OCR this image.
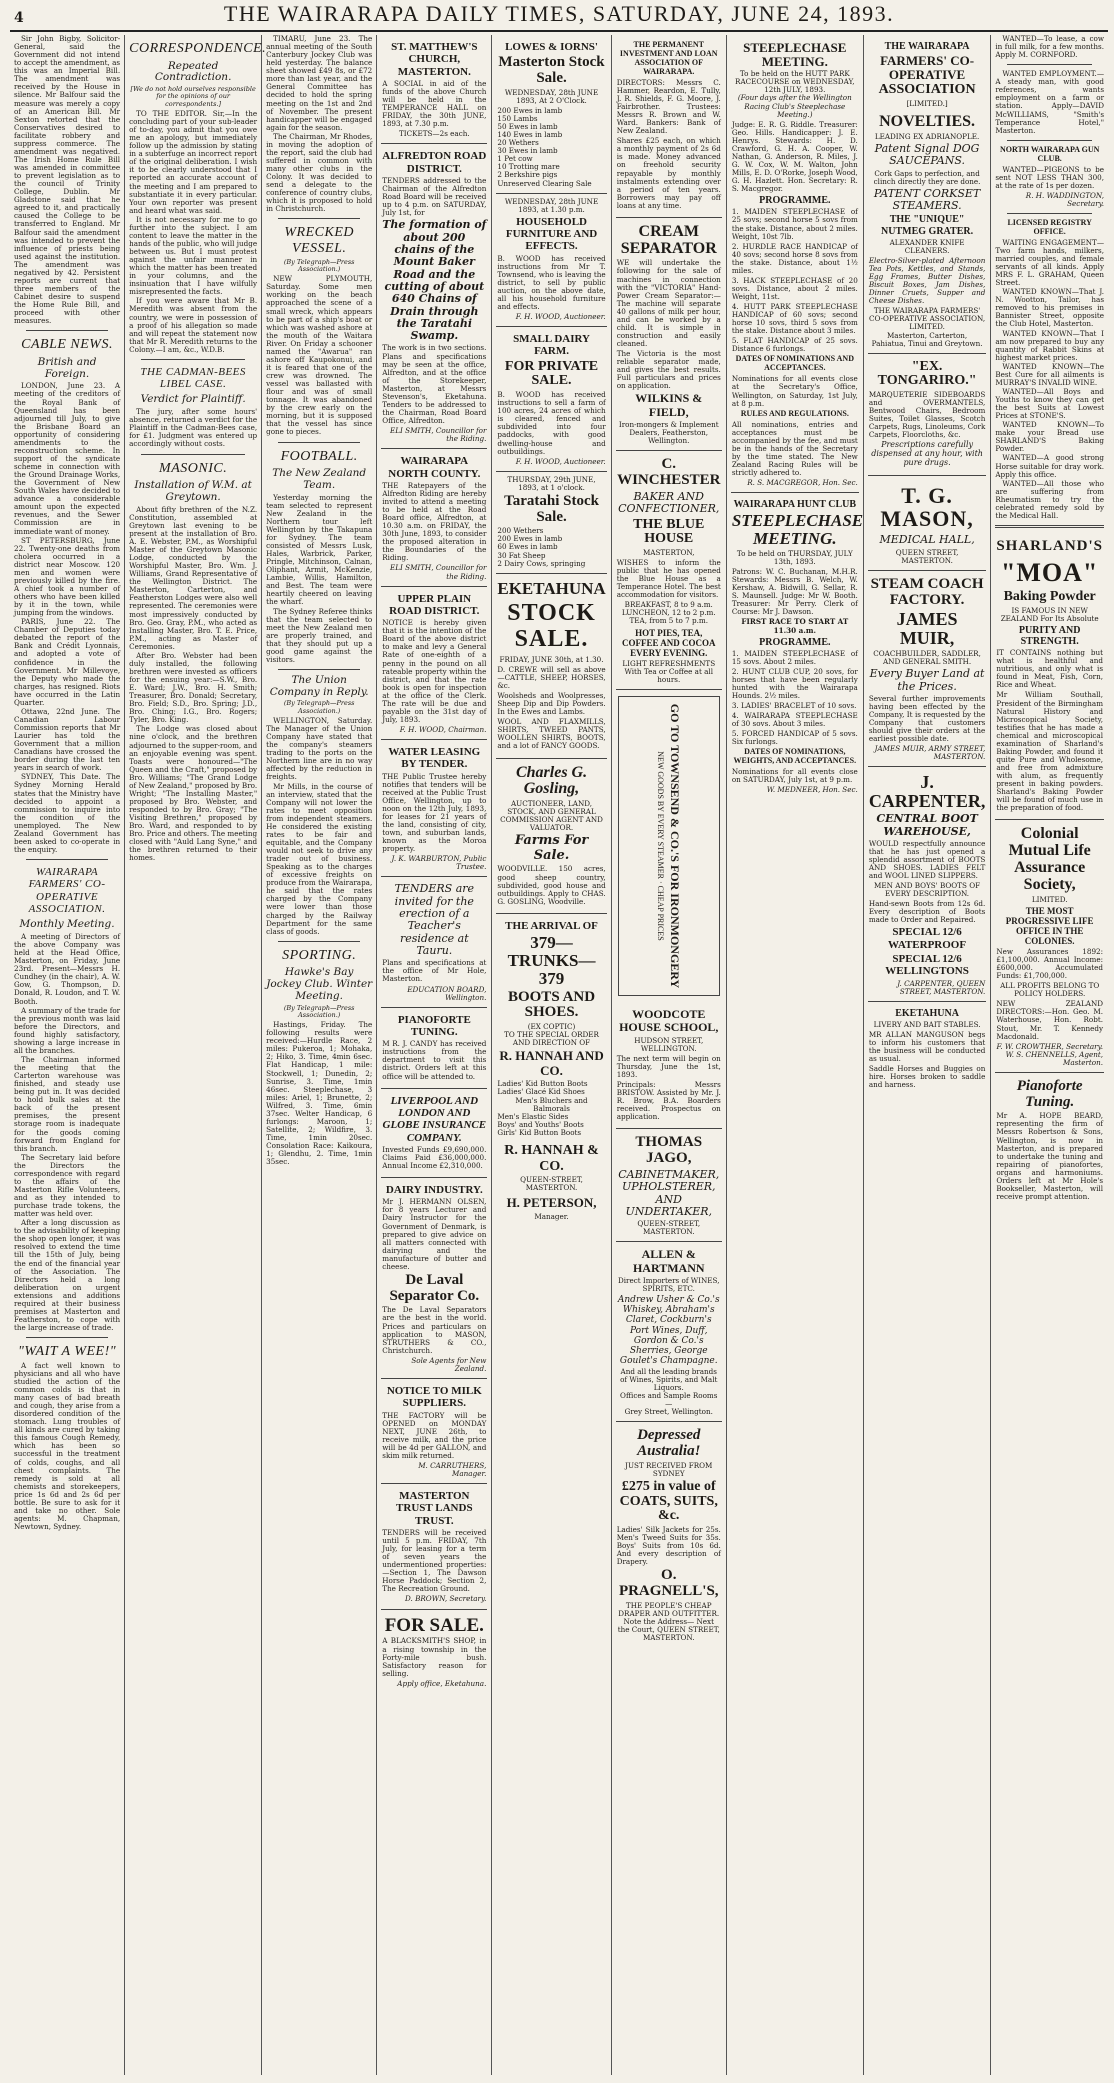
4	THE WAIRARAPA DAILY TIMES, SATURDAY, JUNE 24, 1893.

Sir John Bigby, Solicitor-General, said the Government did not intend to accept the amendment, as this was an Imperial Bill. The amendment was received by the House in silence. Mr Balfour said the measure was merely a copy of an American Bill. Mr Sexton retorted that the Conservatives desired to facilitate robbery and suppress commerce. The amendment was negatived. The Irish Home Rule Bill was amended in committee to prevent legislation as to the council of Trinity College, Dublin. Mr Gladstone said that he agreed to it, and practically caused the College to be transferred to England. Mr Balfour said the amendment was intended to prevent the influence of priests being used against the institution. The amendment was negatived by 42. Persistent reports are current that three members of the Cabinet desire to suspend the Home Rule Bill, and proceed with other measures.

CABLE NEWS.
British and Foreign.

LONDON, June 23. A meeting of the creditors of the Royal Bank of Queensland has been adjourned till July, to give the Brisbane Board an opportunity of considering amendments to the reconstruction scheme. In support of the syndicate scheme in connection with the Ground Drainage Works, the Government of New South Wales have decided to advance a considerable amount upon the expected revenues, and the Sewer Commission are in immediate want of money.

ST PETERSBURG, June 22. Twenty-one deaths from cholera occurred in a district near Moscow. 120 men and women were previously killed by the fire. A chief took a number of others who have been killed by it in the town, while jumping from the windows.

PARIS, June 22. The Chamber of Deputies today debated the report of the Bank and Crédit Lyonnais, and adopted a vote of confidence in the Government. Mr Millevoye, the Deputy who made the charges, has resigned. Riots have occurred in the Latin Quarter.

Ottawa, 22nd June. The Canadian Labour Commission reports that Mr Laurier has told the Government that a million Canadians have crossed the border during the last ten years in search of work.

SYDNEY, This Date. The Sydney Morning Herald states that the Ministry have decided to appoint a commission to inquire into the condition of the unemployed. The New Zealand Government has been asked to co-operate in the enquiry.

WAIRARAPA FARMERS' CO-OPERATIVE ASSOCIATION.
Monthly Meeting.

A meeting of Directors of the above Company was held at the Head Office, Masterton, on Friday, June 23rd. Present—Messrs H. Cundhey (in the chair), A. W. Gow, G. Thompson, D. Donald, R. Loudon, and T. W. Booth.

A summary of the trade for the previous month was laid before the Directors, and found highly satisfactory, showing a large increase in all the branches.

The Chairman informed the meeting that the Carterton warehouse was finished, and steady use being put in. It was decided to hold bulk sales at the back of the present premises, the present storage room is inadequate for the goods coming forward from England for this branch.

The Secretary laid before the Directors the correspondence with regard to the affairs of the Masterton Rifle Volunteers, and as they intended to purchase trade tokens, the matter was held over.

After a long discussion as to the advisability of keeping the shop open longer, it was resolved to extend the time till the 15th of July, being the end of the financial year of the Association. The Directors held a long deliberation on urgent extensions and additions required at their business premises at Masterton and Featherston, to cope with the large increase of trade.

"WAIT A WEE!"

A fact well known to physicians and all who have studied the action of the common colds is that in many cases of bad breath and cough, they arise from a disordered condition of the stomach. Lung troubles of all kinds are cured by taking this famous Cough Remedy, which has been so successful in the treatment of colds, coughs, and all chest complaints. The remedy is sold at all chemists and storekeepers, price 1s 6d and 2s 6d per bottle. Be sure to ask for it and take no other. Sole agents: M. Chapman, Newtown, Sydney.

CORRESPONDENCE.
Repeated Contradiction.
[We do not hold ourselves responsible for the opinions of our correspondents.]

TO THE EDITOR. Sir,—In the concluding part of your sub-leader of to-day, you admit that you owe me an apology, but immediately follow up the admission by stating in a subterfuge an incorrect report of the original deliberation. I wish it to be clearly understood that I reported an accurate account of the meeting and I am prepared to substantiate it in every particular. Your own reporter was present and heard what was said.

It is not necessary for me to go further into the subject. I am content to leave the matter in the hands of the public, who will judge between us. But I must protest against the unfair manner in which the matter has been treated in your columns, and the insinuation that I have wilfully misrepresented the facts.

If you were aware that Mr B. Meredith was absent from the country, we were in possession of a proof of his allegation so made and will repeat the statement now that Mr R. Meredith returns to the Colony.—I am, &c., W.D.B.

THE CADMAN-BEES LIBEL CASE.
Verdict for Plaintiff.

The jury, after some hours' absence, returned a verdict for the Plaintiff in the Cadman-Bees case, for £1. Judgment was entered up accordingly without costs.

MASONIC.
Installation of W.M. at Greytown.

About fifty brethren of the N.Z. Constitution, assembled at Greytown last evening to be present at the installation of Bro. A. E. Webster, P.M., as Worshipful Master of the Greytown Masonic Lodge, conducted by the Worshipful Master, Bro. Wm. J. Williams, Grand Representative of the Wellington District. The Masterton, Carterton, and Featherston Lodges were also well represented. The ceremonies were most impressively conducted by Bro. Geo. Gray, P.M., who acted as Installing Master, Bro. T. E. Price, P.M., acting as Master of Ceremonies.

After Bro. Webster had been duly installed, the following brethren were invested as officers for the ensuing year:—S.W., Bro. E. Ward; J.W., Bro. H. Smith; Treasurer, Bro. Donald; Secretary, Bro. Field; S.D., Bro. Spring; J.D., Bro. Ching; I.G., Bro. Rogers; Tyler, Bro. King.

The Lodge was closed about nine o'clock, and the brethren adjourned to the supper-room, and an enjoyable evening was spent. Toasts were honoured—"The Queen and the Craft," proposed by Bro. Williams; "The Grand Lodge of New Zealand," proposed by Bro. Wright; "The Installing Master," proposed by Bro. Webster, and responded to by Bro. Gray; "The Visiting Brethren," proposed by Bro. Ward, and responded to by Bro. Price and others. The meeting closed with "Auld Lang Syne," and the brethren returned to their homes.

TIMARU, June 23. The annual meeting of the South Canterbury Jockey Club was held yesterday. The balance sheet showed £49 8s, or £72 more than last year, and the General Committee has decided to hold the spring meeting on the 1st and 2nd of November. The present handicapper will be engaged again for the season.

The Chairman, Mr Rhodes, in moving the adoption of the report, said the club had suffered in common with many other clubs in the Colony. It was decided to send a delegate to the conference of country clubs, which it is proposed to hold in Christchurch.

WRECKED VESSEL.
(By Telegraph—Press Association.)

NEW PLYMOUTH, Saturday. Some men working on the beach approached the scene of a small wreck, which appears to be part of a ship's boat or which was washed ashore at the mouth of the Waitara River. On Friday a schooner named the "Awarua" ran ashore off Kaupokonui, and it is feared that one of the crew was drowned. The vessel was ballasted with flour and was of small tonnage. It was abandoned by the crew early on the morning, but it is supposed that the vessel has since gone to pieces.

FOOTBALL.
The New Zealand Team.

Yesterday morning the team selected to represent New Zealand in the Northern tour left Wellington by the Takapuna for Sydney. The team consisted of Messrs Lusk, Hales, Warbrick, Parker, Pringle, Mitchinson, Calnan, Oliphant, Armit, McKenzie, Lambie, Willis, Hamilton, and Best. The team were heartily cheered on leaving the wharf.

The Sydney Referee thinks that the team selected to meet the New Zealand men are properly trained, and that they should put up a good game against the visitors.

The Union Company in Reply.
(By Telegraph—Press Association.)

WELLINGTON, Saturday. The Manager of the Union Company have stated that the company's steamers trading to the ports on the Northern line are in no way affected by the reduction in freights.

Mr Mills, in the course of an interview, stated that the Company will not lower the rates to meet opposition from independent steamers. He considered the existing rates to be fair and equitable, and the Company would not seek to drive any trader out of business. Speaking as to the charges of excessive freights on produce from the Wairarapa, he said that the rates charged by the Company were lower than those charged by the Railway Department for the same class of goods.

SPORTING.
Hawke's Bay Jockey Club. Winter Meeting.
(By Telegraph—Press Association.)

Hastings, Friday. The following results were received:—Hurdle Race, 2 miles: Pukeroa, 1; Mohaka, 2; Hiko, 3. Time, 4min 6sec. Flat Handicap, 1 mile: Stockwell, 1; Dunedin, 2; Sunrise, 3. Time, 1min 46sec. Steeplechase, 3 miles: Ariel, 1; Brunette, 2; Wilfred, 3. Time, 6min 37sec. Welter Handicap, 6 furlongs: Maroon, 1; Satellite, 2; Wildfire, 3. Time, 1min 20sec. Consolation Race: Kaikoura, 1; Glendhu, 2. Time, 1min 35sec.

ST. MATTHEW'S CHURCH, MASTERTON.
A SOCIAL in aid of the funds of the above Church will be held in the TEMPERANCE HALL on FRIDAY, the 30th JUNE, 1893, at 7.30 p.m.
TICKETS—2s each.
ALFREDTON ROAD DISTRICT.
TENDERS addressed to the Chairman of the Alfredton Road Board will be received up to 4 p.m. on SATURDAY, July 1st, for
The formation of about 200 chains of the Mount Baker Road and the cutting of about 640 Chains of Drain through the Taratahi Swamp.
The work is in two sections. Plans and specifications may be seen at the office, Alfredton, and at the office of the Storekeeper, Masterton, at Messrs Stevenson's, Eketahuna. Tenders to be addressed to the Chairman, Road Board Office, Alfredton.
ELI SMITH, Councillor for the Riding.
WAIRARAPA NORTH COUNTY.
THE Ratepayers of the Alfredton Riding are hereby invited to attend a meeting to be held at the Road Board office, Alfredton, at 10.30 a.m. on FRIDAY, the 30th June, 1893, to consider the proposed alteration in the Boundaries of the Riding.
ELI SMITH, Councillor for the Riding.
UPPER PLAIN ROAD DISTRICT.
NOTICE is hereby given that it is the intention of the Board of the above district to make and levy a General Rate of one-eighth of a penny in the pound on all rateable property within the district, and that the rate book is open for inspection at the office of the Clerk. The rate will be due and payable on the 31st day of July, 1893.
F. H. WOOD, Chairman.
WATER LEASING BY TENDER.
THE Public Trustee hereby notifies that tenders will be received at the Public Trust Office, Wellington, up to noon on the 12th July, 1893, for leases for 21 years of the land, consisting of city, town, and suburban lands, known as the Moroa property.
J. K. WARBURTON, Public Trustee.
TENDERS are invited for the erection of a Teacher's residence at Tauru.
Plans and specifications at the office of Mr Hole, Masterton.
EDUCATION BOARD, Wellington.
PIANOFORTE TUNING.
M R. J. CANDY has received instructions from the department to visit this district. Orders left at this office will be attended to.
LIVERPOOL AND LONDON AND GLOBE INSURANCE COMPANY.
Invested Funds £9,690,000. Claims Paid £36,000,000. Annual Income £2,310,000.
DAIRY INDUSTRY.
Mr J. HERMANN OLSEN, for 8 years Lecturer and Dairy Instructor for the Government of Denmark, is prepared to give advice on all matters connected with dairying and the manufacture of butter and cheese.
De Laval Separator Co.
The De Laval Separators are the best in the world. Prices and particulars on application to MASON, STRUTHERS & CO., Christchurch.
Sole Agents for New Zealand.
NOTICE TO MILK SUPPLIERS.
THE FACTORY will be OPENED on MONDAY NEXT, JUNE 26th, to receive milk, and the price will be 4d per GALLON, and skim milk returned.
M. CARRUTHERS, Manager.
MASTERTON TRUST LANDS TRUST.
TENDERS will be received until 5 p.m. FRIDAY, 7th July, for leasing for a term of seven years the undermentioned properties:—Section 1, The Dawson Horse Paddock; Section 2, The Recreation Ground.
D. BROWN, Secretary.
FOR SALE.
A BLACKSMITH'S SHOP, in a rising township in the Forty-mile bush. Satisfactory reason for selling.
Apply office, Eketahuna.
LOWES & IORNS'
Masterton Stock Sale.
WEDNESDAY, 28th JUNE 1893, At 2 O'Clock.
200 Ewes in lamb
150 Lambs
50 Ewes in lamb
140 Ewes in lamb
20 Wethers
30 Ewes in lamb
1 Pet cow
10 Trotting mare
2 Berkshire pigs
Unreserved Clearing Sale
WEDNESDAY, 28th JUNE 1893, at 1.30 p.m.
HOUSEHOLD FURNITURE AND EFFECTS.
B. WOOD has received instructions from Mr T. Townsend, who is leaving the district, to sell by public auction, on the above date, all his household furniture and effects.
F. H. WOOD, Auctioneer.
SMALL DAIRY FARM.
FOR PRIVATE SALE.
B. WOOD has received instructions to sell a farm of 100 acres, 24 acres of which is cleared, fenced and subdivided into four paddocks, with good dwelling-house and outbuildings.
F. H. WOOD, Auctioneer.
THURSDAY, 29th JUNE, 1893, at 1 o'clock.
Taratahi Stock Sale.
200 Wethers
200 Ewes in lamb
60 Ewes in lamb
30 Fat Sheep
2 Dairy Cows, springing
EKETAHUNA
STOCK SALE.
FRIDAY, JUNE 30th, at 1.30.
D. CREWE will sell as above—CATTLE, SHEEP, HORSES, &c.
Woolsheds and Woolpresses, Sheep Dip and Dip Powders. In the Ewes and Lambs.
WOOL AND FLAXMILLS, SHIRTS, TWEED PANTS, WOOLLEN SHIRTS, BOOTS, and a lot of FANCY GOODS.
Charles G. Gosling,
AUCTIONEER, LAND, STOCK, AND GENERAL COMMISSION AGENT AND VALUATOR.
Farms For Sale.
WOODVILLE. 150 acres, good sheep country, subdivided, good house and outbuildings. Apply to CHAS. G. GOSLING, Woodville.
THE ARRIVAL OF
379—TRUNKS—379
BOOTS AND SHOES.
(EX COPTIC)
TO THE SPECIAL ORDER AND DIRECTION OF
R. HANNAH AND CO.
Ladies' Kid Button Boots
Ladies' Glacé Kid Shoes
Men's Bluchers and Balmorals
Men's Elastic Sides
Boys' and Youths' Boots
Girls' Kid Button Boots
R. HANNAH & CO.
QUEEN-STREET, MASTERTON.
H. PETERSON,
Manager.
THE PERMANENT INVESTMENT AND LOAN ASSOCIATION OF WAIRARAPA.
DIRECTORS: Messrs C. Hammer, Reardon, E. Tully, J. R. Shields, F. G. Moore, J. Fairbrother. Trustees: Messrs R. Brown and W. Ward. Bankers: Bank of New Zealand.
Shares £25 each, on which a monthly payment of 2s 6d is made. Money advanced on freehold security repayable by monthly instalments extending over a period of ten years. Borrowers may pay off loans at any time.
CREAM SEPARATOR
WE will undertake the following for the sale of machines in connection with the "VICTORIA" Hand-Power Cream Separator:— The machine will separate 40 gallons of milk per hour, and can be worked by a child. It is simple in construction and easily cleaned.
The Victoria is the most reliable separator made, and gives the best results. Full particulars and prices on application.
WILKINS & FIELD,
Iron-mongers & Implement Dealers, Featherston, Wellington.
C. WINCHESTER
BAKER AND CONFECTIONER,
THE BLUE HOUSE
MASTERTON,
WISHES to inform the public that he has opened the Blue House as a Temperance Hotel. The best accommodation for visitors.
BREAKFAST, 8 to 9 a.m. LUNCHEON, 12 to 2 p.m. TEA, from 5 to 7 p.m.
HOT PIES, TEA, COFFEE AND COCOA EVERY EVENING.
LIGHT REFRESHMENTS With Tea or Coffee at all hours.
GO TO TOWNSEND & CO.'S FOR IRONMONGERY
NEW GOODS BY EVERY STEAMER · CHEAP PRICES
WOODCOTE HOUSE SCHOOL,
HUDSON STREET, WELLINGTON.
The next term will begin on Thursday, June the 1st, 1893.
Principals: Messrs BRISTOW. Assisted by Mr. J. R. Brow, B.A. Boarders received. Prospectus on application.
THOMAS JAGO,
CABINETMAKER, UPHOLSTERER, AND UNDERTAKER,
QUEEN-STREET, MASTERTON.
ALLEN & HARTMANN
Direct Importers of WINES, SPIRITS, ETC.
Andrew Usher & Co.'s Whiskey, Abraham's Claret, Cockburn's Port Wines, Duff, Gordon & Co.'s Sherries, George Goulet's Champagne.
And all the leading brands of Wines, Spirits, and Malt Liquors.
Offices and Sample Rooms—
Grey Street, Wellington.
Depressed Australia!
JUST RECEIVED FROM SYDNEY
£275 in value of COATS, SUITS, &c.
Ladies' Silk Jackets for 25s. Men's Tweed Suits for 35s. Boys' Suits from 10s 6d. And every description of Drapery.
O. PRAGNELL'S,
THE PEOPLE'S CHEAP DRAPER AND OUTFITTER.
Note the Address— Next the Court, QUEEN STREET, MASTERTON.
STEEPLECHASE MEETING.
To be held on the HUTT PARK RACECOURSE on WEDNESDAY, 12th JULY, 1893.
(Four days after the Wellington Racing Club's Steeplechase Meeting.)
Judge: E. R. G. Riddle. Treasurer: Geo. Hills. Handicapper: J. E. Henrys. Stewards: H. D. Crawford, G. H. A. Cooper, W. Nathan, G. Anderson, R. Miles, J. G. W. Cox, W. M. Walton, John Mills, E. D. O'Rorke, Joseph Wood, G. H. Hazlett. Hon. Secretary: R. S. Macgregor.
PROGRAMME.
1. MAIDEN STEEPLECHASE of 25 sovs; second horse 5 sovs from the stake. Distance, about 2 miles. Weight, 10st 7lb.
2. HURDLE RACE HANDICAP of 40 sovs; second horse 8 sovs from the stake. Distance, about 1½ miles.
3. HACK STEEPLECHASE of 20 sovs. Distance, about 2 miles. Weight, 11st.
4. HUTT PARK STEEPLECHASE HANDICAP of 60 sovs; second horse 10 sovs, third 5 sovs from the stake. Distance about 3 miles.
5. FLAT HANDICAP of 25 sovs. Distance 6 furlongs.
DATES OF NOMINATIONS AND ACCEPTANCES.
Nominations for all events close at the Secretary's Office, Wellington, on Saturday, 1st July, at 8 p.m.
RULES AND REGULATIONS.
All nominations, entries and acceptances must be accompanied by the fee, and must be in the hands of the Secretary by the time stated. The New Zealand Racing Rules will be strictly adhered to.
R. S. MACGREGOR, Hon. Sec.
WAIRARAPA HUNT CLUB
STEEPLECHASE MEETING.
To be held on THURSDAY, JULY 13th, 1893.
Patrons: W. C. Buchanan, M.H.R. Stewards: Messrs B. Welch, W. Kershaw, A. Bidwill, G. Sellar, R. S. Maunsell. Judge: Mr W. Booth. Treasurer: Mr Perry. Clerk of Course: Mr J. Dawson.
FIRST RACE TO START AT 11.30 a.m.
PROGRAMME.
1. MAIDEN STEEPLECHASE of 15 sovs. About 2 miles.
2. HUNT CLUB CUP, 20 sovs, for horses that have been regularly hunted with the Wairarapa Hounds. 2½ miles.
3. LADIES' BRACELET of 10 sovs.
4. WAIRARAPA STEEPLECHASE of 30 sovs. About 3 miles.
5. FORCED HANDICAP of 5 sovs. Six furlongs.
DATES OF NOMINATIONS, WEIGHTS, AND ACCEPTANCES.
Nominations for all events close on SATURDAY, July 1st, at 9 p.m.
W. MEDNEER, Hon. Sec.
THE WAIRARAPA
FARMERS' CO-OPERATIVE
ASSOCIATION
[LIMITED.]
NOVELTIES.
LEADING EX ADRIANOPLE.
Patent Signal DOG SAUCEPANS.
Cork Gaps to perfection, and clinch directly they are done.
PATENT CORKSET STEAMERS.
THE "UNIQUE" NUTMEG GRATER.
ALEXANDER KNIFE CLEANERS.
Electro-Silver-plated Afternoon Tea Pots, Kettles, and Stands, Egg Frames, Butter Dishes, Biscuit Boxes, Jam Dishes, Dinner Cruets, Supper and Cheese Dishes.
THE WAIRARAPA FARMERS' CO-OPERATIVE ASSOCIATION, LIMITED.
Masterton, Carterton, Pahiatua, Tinui and Greytown.
"EX. TONGARIRO."
MARQUETERIE SIDEBOARDS and OVERMANTELS, Bentwood Chairs, Bedroom Suites, Toilet Glasses, Scotch Carpets, Rugs, Linoleums, Cork Carpets, Floorcloths, &c.
Prescriptions carefully dispensed at any hour, with pure drugs.
T. G. MASON,
MEDICAL HALL,
QUEEN STREET, MASTERTON.
STEAM COACH FACTORY.
JAMES MUIR,
COACHBUILDER, SADDLER, AND GENERAL SMITH.
Every Buyer Land at the Prices.
Several further improvements having been effected by the Company, It is requested by the Company that customers should give their orders at the earliest possible date.
JAMES MUIR, ARMY STREET, MASTERTON.
J. CARPENTER,
CENTRAL BOOT WAREHOUSE,
WOULD respectfully announce that he has just opened a splendid assortment of BOOTS AND SHOES. LADIES FELT and WOOL LINED SLIPPERS.
MEN AND BOYS' BOOTS OF EVERY DESCRIPTION.
Hand-sewn Boots from 12s 6d. Every description of Boots made to Order and Repaired.
SPECIAL 12/6 WATERPROOF
SPECIAL 12/6 WELLINGTONS
J. CARPENTER, QUEEN STREET, MASTERTON.
EKETAHUNA
LIVERY AND BAIT STABLES.
MR ALLAN MANGUSON begs to inform his customers that the business will be conducted as usual.
Saddle Horses and Buggies on hire. Horses broken to saddle and harness.

WANTED—To lease, a cow in full milk, for a few months. Apply M. CORNFORD.

WANTED EMPLOYMENT.—A steady man, with good references, wants employment on a farm or station. Apply—DAVID McWILLIAMS, "Smith's Temperance Hotel," Masterton.

NORTH WAIRARAPA GUN CLUB.

WANTED—PIGEONS to be sent NOT LESS THAN 300, at the rate of 1s per dozen.

R. H. WADDINGTON, Secretary.
LICENSED REGISTRY OFFICE.

WAITING ENGAGEMENT—Two farm hands, milkers, married couples, and female servants of all kinds. Apply MRS F. L. GRAHAM, Queen Street.

WANTED KNOWN—That J. N. Wootton, Tailor, has removed to his premises in Bannister Street, opposite the Club Hotel, Masterton.

WANTED KNOWN—That I am now prepared to buy any quantity of Rabbit Skins at highest market prices.

WANTED KNOWN—The Best Cure for all ailments is MURRAY'S INVALID WINE.

WANTED—All Boys and Youths to know they can get the best Suits at Lowest Prices at STONE'S.

WANTED KNOWN—To make your Bread use SHARLAND'S Baking Powder.

WANTED—A good strong Horse suitable for dray work. Apply this office.

WANTED—All those who are suffering from Rheumatism to try the celebrated remedy sold by the Medical Hall.

SHARLAND'S
"MOA"
Baking Powder
IS FAMOUS IN NEW ZEALAND For Its Absolute
PURITY AND STRENGTH.
IT CONTAINS nothing but what is healthful and nutritious, and only what is found in Meat, Fish, Corn, Rice and Wheat.
Mr William Southall, President of the Birmingham Natural History and Microscopical Society, testifies that he has made a chemical and microscopical examination of Sharland's Baking Powder, and found it quite Pure and Wholesome, and free from admixture with alum, as frequently present in baking powders. Sharland's Baking Powder will be found of much use in the preparation of food.
Colonial Mutual Life Assurance Society,
LIMITED.
THE MOST PROGRESSIVE LIFE OFFICE IN THE COLONIES.
New Assurances 1892: £1,100,000. Annual Income: £600,000. Accumulated Funds: £1,700,000.
ALL PROFITS BELONG TO POLICY HOLDERS.
NEW ZEALAND DIRECTORS:—Hon. Geo. M. Waterhouse, Hon. Robt. Stout, Mr. T. Kennedy Macdonald.
F. W. CROWTHER, Secretary. W. S. CHENNELLS, Agent, Masterton.
Pianoforte Tuning.
Mr A. HOPE BEARD, representing the firm of Messrs Robertson & Sons, Wellington, is now in Masterton, and is prepared to undertake the tuning and repairing of pianofortes, organs and harmoniums. Orders left at Mr Hole's Bookseller, Masterton, will receive prompt attention.
